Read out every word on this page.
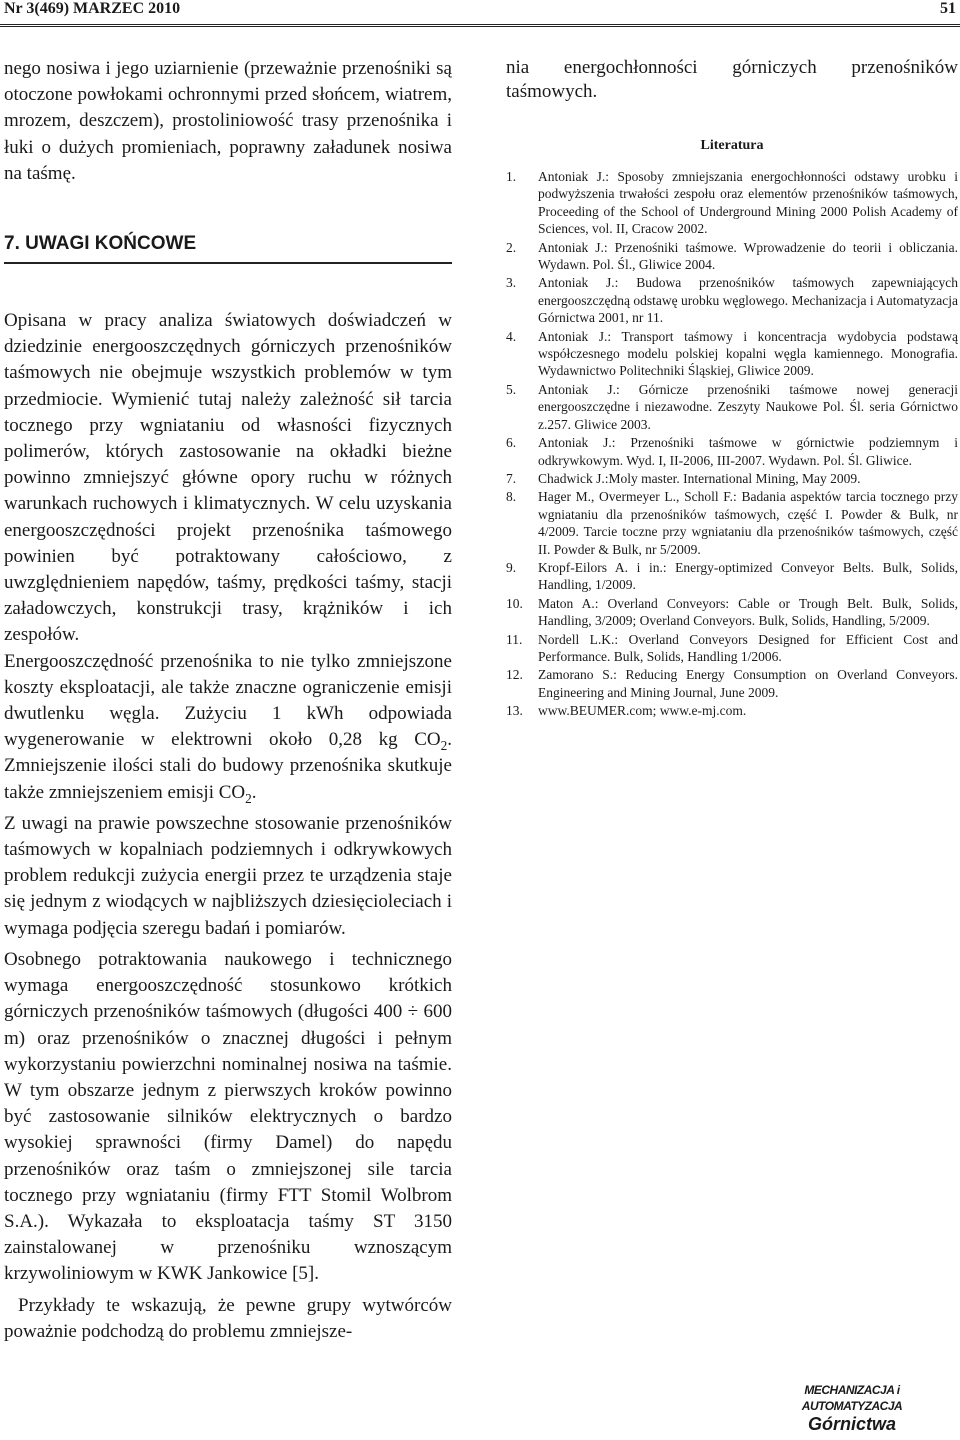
Nr 3(469) MARZEC 2010	51

nego nosiwa i jego uziarnienie (przeważnie przenośniki są otoczone powłokami ochronnymi przed słońcem, wiatrem, mrozem, deszczem), prostoliniowość trasy przenośnika i łuki o dużych promieniach, poprawny załadunek nosiwa na taśmę.

7. UWAGI KOŃCOWE

Opisana w pracy analiza światowych doświadczeń w dziedzinie energooszczędnych górniczych przenośników taśmowych nie obejmuje wszystkich problemów w tym przedmiocie. Wymienić tutaj należy zależność sił tarcia tocznego przy wgniataniu od własności fizycznych polimerów, których zastosowanie na okładki bieżne powinno zmniejszyć główne opory ruchu w różnych warunkach ruchowych i klimatycznych. W celu uzyskania energooszczędności projekt przenośnika taśmowego powinien być potraktowany całościowo, z uwzględnieniem napędów, taśmy, prędkości taśmy, stacji załadowczych, konstrukcji trasy, krążników i ich zespołów.

Energooszczędność przenośnika to nie tylko zmniejszone koszty eksploatacji, ale także znaczne ograniczenie emisji dwutlenku węgla. Zużyciu 1 kWh odpowiada wygenerowanie w elektrowni około 0,28 kg $CO_2$. Zmniejszenie ilości stali do budowy przenośnika skutkuje także zmniejszeniem emisji $CO_2$.

Z uwagi na prawie powszechne stosowanie przenośników taśmowych w kopalniach podziemnych i odkrywkowych problem redukcji zużycia energii przez te urządzenia staje się jednym z wiodących w najbliższych dziesięcioleciach i wymaga podjęcia szeregu badań i pomiarów.

Osobnego potraktowania naukowego i technicznego wymaga energooszczędność stosunkowo krótkich górniczych przenośników taśmowych (długości 400 ÷ 600 m) oraz przenośników o znacznej długości i pełnym wykorzystaniu powierzchni nominalnej nosiwa na taśmie. W tym obszarze jednym z pierwszych kroków powinno być zastosowanie silników elektrycznych o bardzo wysokiej sprawności (firmy Damel) do napędu przenośników oraz taśm o zmniejszonej sile tarcia tocznego przy wgniataniu (firmy FTT Stomil Wolbrom S.A.). Wykazała to eksploatacja taśmy ST 3150 zainstalowanej w przenośniku wznoszącym krzywoliniowym w KWK Jankowice [5].

Przykłady te wskazują, że pewne grupy wytwórców poważnie podchodzą do problemu zmniejsze-

nia energochłonności górniczych przenośników taśmowych.

Literatura
1.	Antoniak J.: Sposoby zmniejszania energochłonności odstawy urobku i podwyższenia trwałości zespołu oraz elementów przenośników taśmowych, Proceeding of the School of Underground Mining 2000 Polish Academy of Sciences, vol. II, Cracow 2002.
2.	Antoniak J.: Przenośniki taśmowe. Wprowadzenie do teorii i obliczania. Wydawn. Pol. Śl., Gliwice 2004.
3.	Antoniak J.: Budowa przenośników taśmowych zapewniających energooszczędną odstawę urobku węglowego. Mechanizacja i Automatyzacja Górnictwa 2001, nr 11.
4.	Antoniak J.: Transport taśmowy i koncentracja wydobycia podstawą współczesnego modelu polskiej kopalni węgla kamiennego. Monografia. Wydawnictwo Politechniki Śląskiej, Gliwice 2009.
5.	Antoniak J.: Górnicze przenośniki taśmowe nowej generacji energooszczędne i niezawodne. Zeszyty Naukowe Pol. Śl. seria Górnictwo z.257. Gliwice 2003.
6.	Antoniak J.: Przenośniki taśmowe w górnictwie podziemnym i odkrywkowym. Wyd. I, II-2006, III-2007. Wydawn. Pol. Śl. Gliwice.
7.	Chadwick J.:Moly master. International Mining, May 2009.
8.	Hager M., Overmeyer L., Scholl F.: Badania aspektów tarcia tocznego przy wgniataniu dla przenośników taśmowych, część I. Powder & Bulk, nr 4/2009. Tarcie toczne przy wgniataniu dla przenośników taśmowych, część II. Powder & Bulk, nr 5/2009.
9.	Kropf-Eilors A. i in.: Energy-optimized Conveyor Belts. Bulk, Solids, Handling, 1/2009.
10.	Maton A.: Overland Conveyors: Cable or Trough Belt. Bulk, Solids, Handling, 3/2009; Overland Conveyors. Bulk, Solids, Handling, 5/2009.
11.	Nordell L.K.: Overland Conveyors Designed for Efficient Cost and Performance. Bulk, Solids, Handling 1/2006.
12.	Zamorano S.: Reducing Energy Consumption on Overland Conveyors. Engineering and Mining Journal, June 2009.
13.	www.BEUMER.com; www.e-mj.com.
MECHANIZACJA i AUTOMATYZACJA
Górnictwa
